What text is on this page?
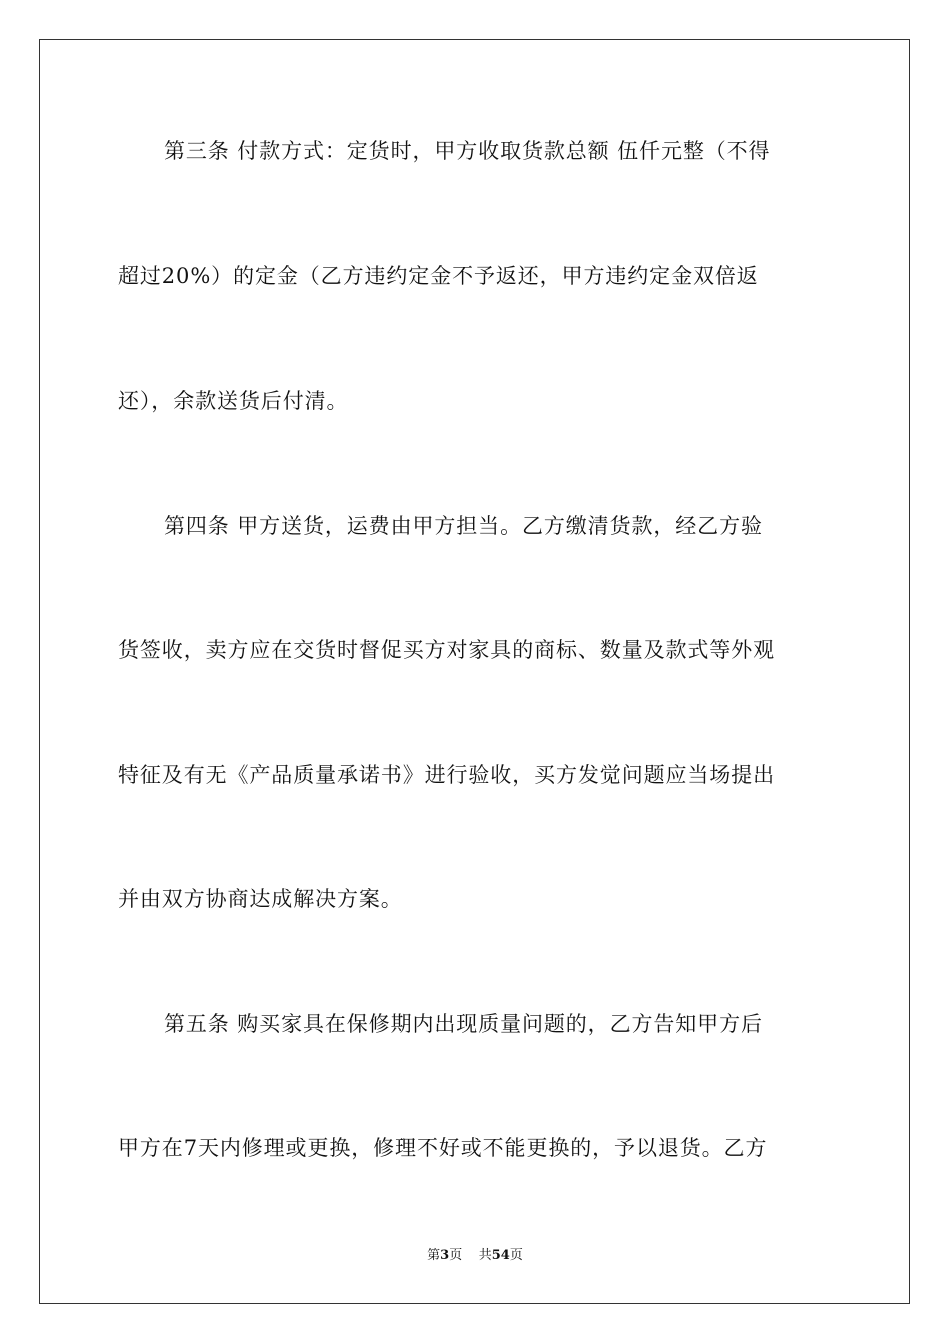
第三条 付款方式：定货时，甲方收取货款总额 伍仟元整（不得
超过20%）的定金（乙方违约定金不予返还，甲方违约定金双倍返
还），余款送货后付清。
第四条 甲方送货，运费由甲方担当。乙方缴清货款，经乙方验
货签收，卖方应在交货时督促买方对家具的商标、数量及款式等外观
特征及有无《产品质量承诺书》进行验收，买方发觉问题应当场提出
并由双方协商达成解决方案。
第五条 购买家具在保修期内出现质量问题的，乙方告知甲方后
甲方在7天内修理或更换，修理不好或不能更换的，予以退货。乙方
第3页 共54页
